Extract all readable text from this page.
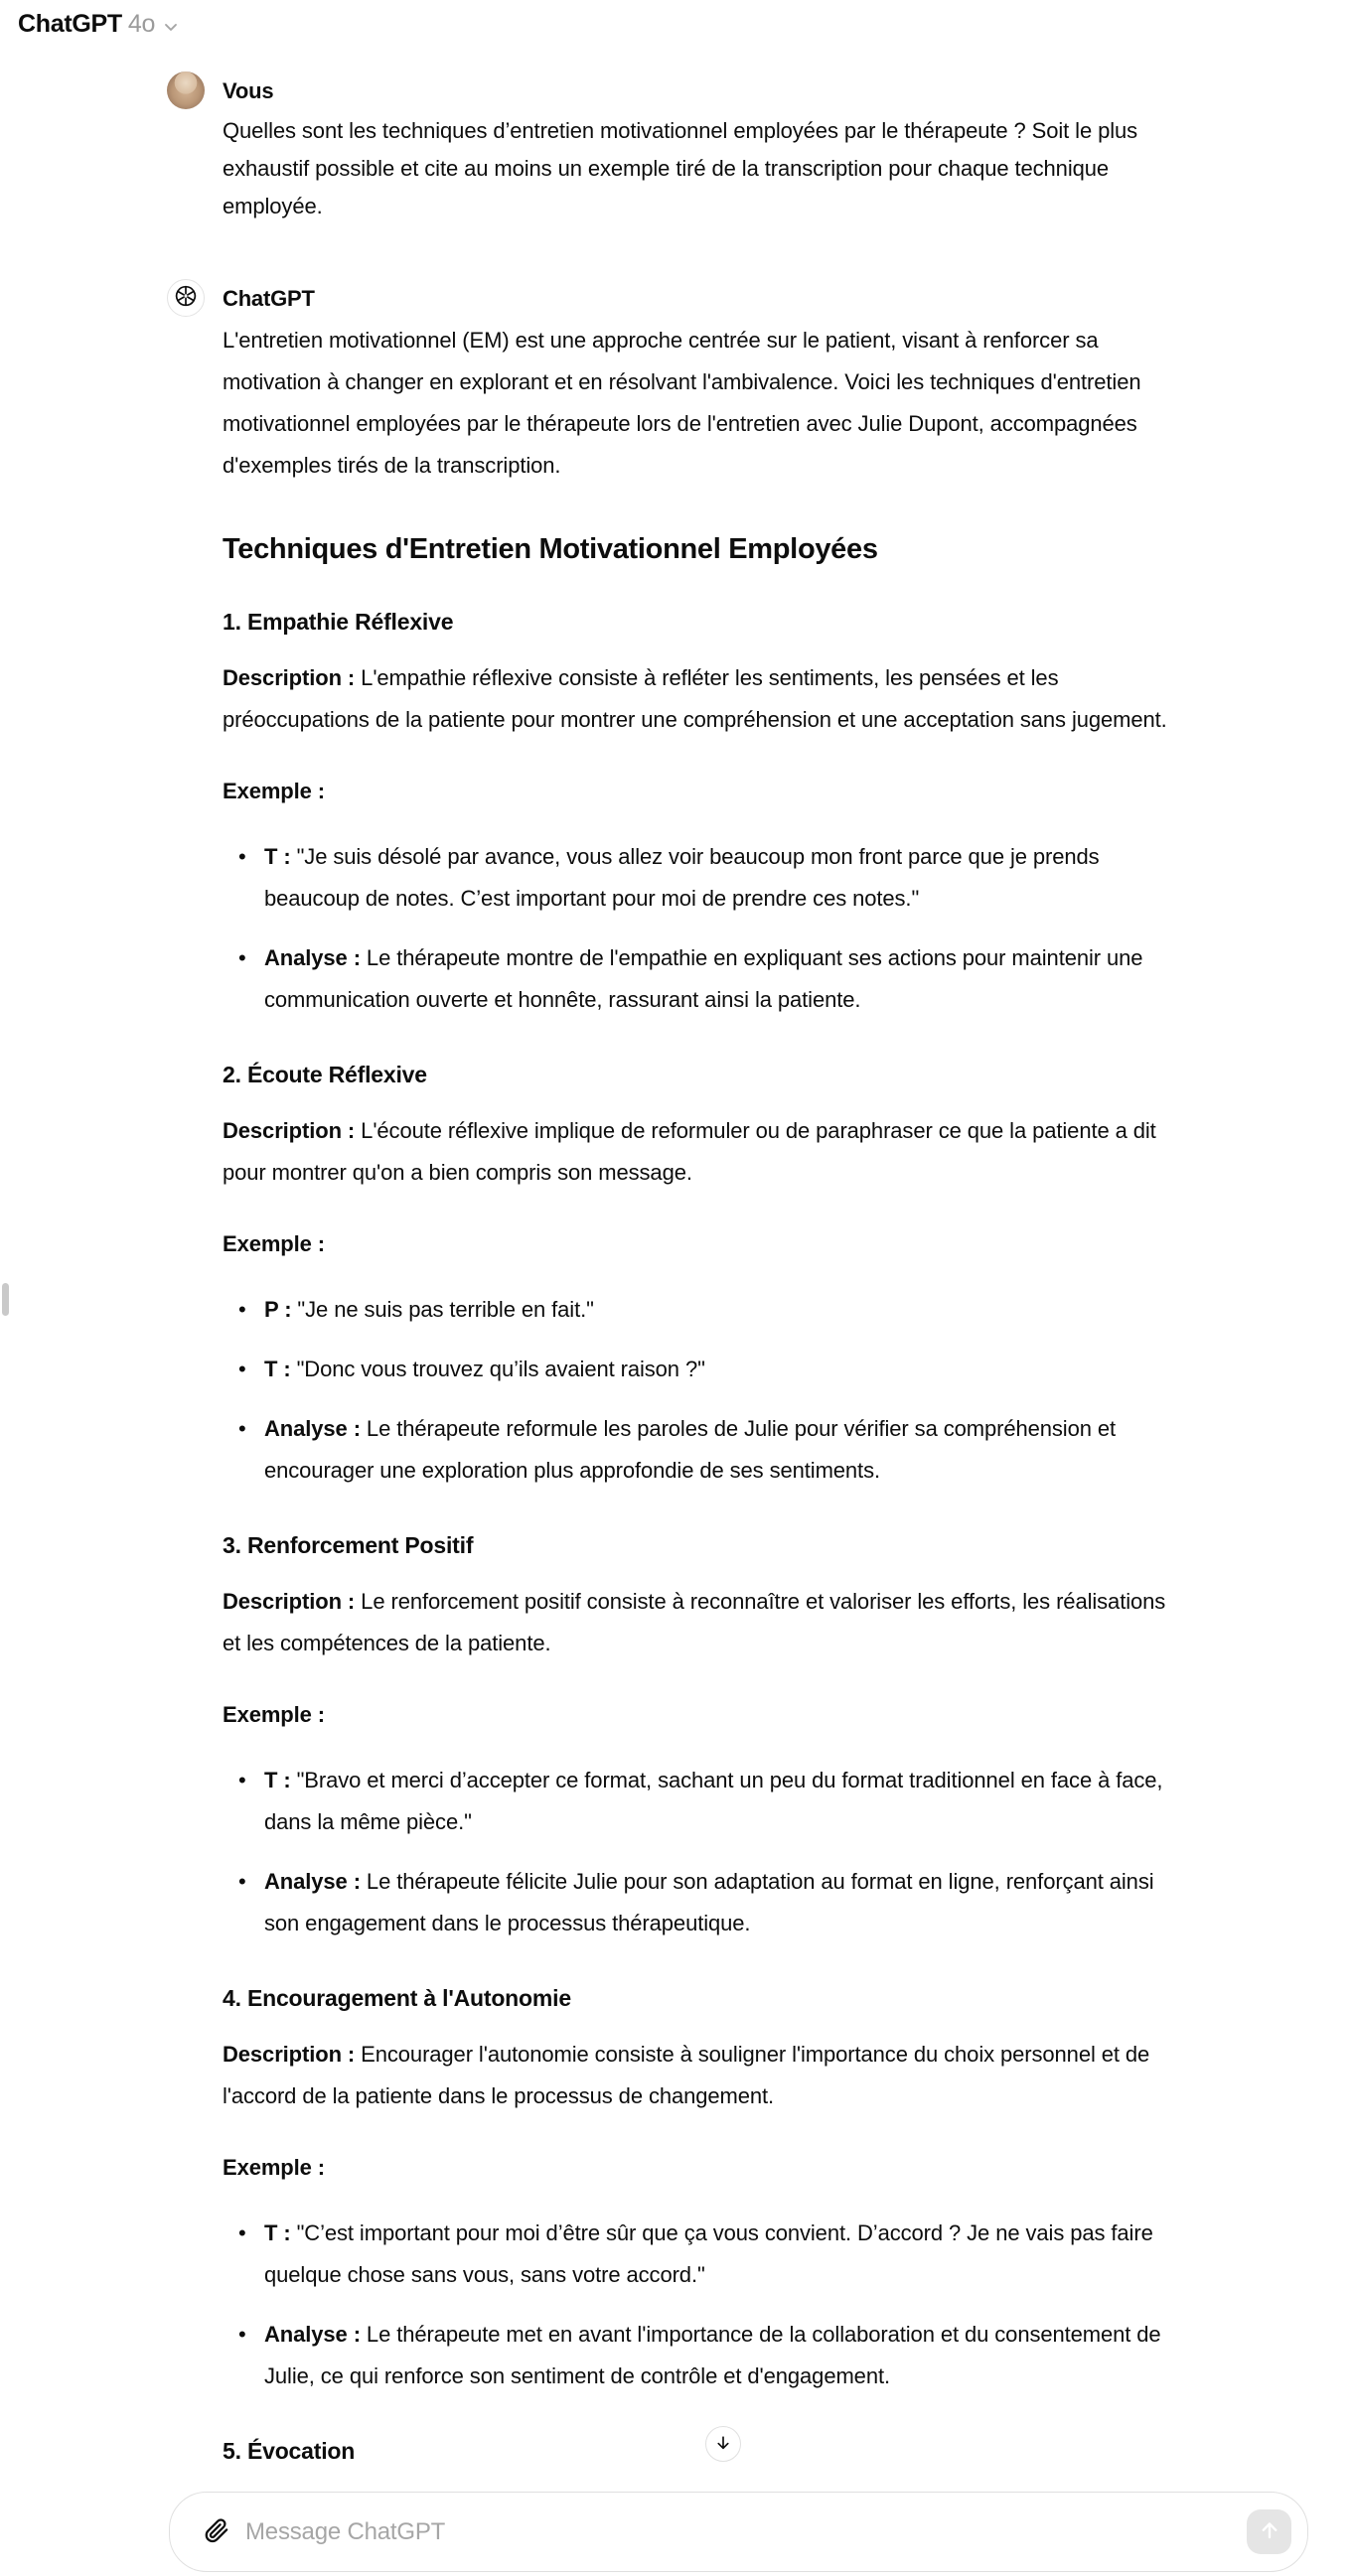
ChatGPT 4o
Vous
Quelles sont les techniques d’entretien motivationnel employées par le thérapeute ? Soit le plus exhaustif possible et cite au moins un exemple tiré de la transcription pour chaque technique employée.
ChatGPT

L'entretien motivationnel (EM) est une approche centrée sur le patient, visant à renforcer sa motivation à changer en explorant et en résolvant l'ambivalence. Voici les techniques d'entretien motivationnel employées par le thérapeute lors de l'entretien avec Julie Dupont, accompagnées d'exemples tirés de la transcription.

Techniques d'Entretien Motivationnel Employées
1. Empathie Réflexive

Description : L'empathie réflexive consiste à refléter les sentiments, les pensées et les préoccupations de la patiente pour montrer une compréhension et une acceptation sans jugement.

Exemple :

• T : "Je suis désolé par avance, vous allez voir beaucoup mon front parce que je prends beaucoup de notes. C’est important pour moi de prendre ces notes."
• Analyse : Le thérapeute montre de l'empathie en expliquant ses actions pour maintenir une communication ouverte et honnête, rassurant ainsi la patiente.
2. Écoute Réflexive

Description : L'écoute réflexive implique de reformuler ou de paraphraser ce que la patiente a dit pour montrer qu'on a bien compris son message.

Exemple :

• P : "Je ne suis pas terrible en fait."
• T : "Donc vous trouvez qu’ils avaient raison ?"
• Analyse : Le thérapeute reformule les paroles de Julie pour vérifier sa compréhension et encourager une exploration plus approfondie de ses sentiments.
3. Renforcement Positif

Description : Le renforcement positif consiste à reconnaître et valoriser les efforts, les réalisations et les compétences de la patiente.

Exemple :

• T : "Bravo et merci d’accepter ce format, sachant un peu du format traditionnel en face à face, dans la même pièce."
• Analyse : Le thérapeute félicite Julie pour son adaptation au format en ligne, renforçant ainsi son engagement dans le processus thérapeutique.
4. Encouragement à l'Autonomie

Description : Encourager l'autonomie consiste à souligner l'importance du choix personnel et de l'accord de la patiente dans le processus de changement.

Exemple :

• T : "C’est important pour moi d’être sûr que ça vous convient. D’accord ? Je ne vais pas faire quelque chose sans vous, sans votre accord."
• Analyse : Le thérapeute met en avant l'importance de la collaboration et du consentement de Julie, ce qui renforce son sentiment de contrôle et d'engagement.
5. Évocation

Message ChatGPT
